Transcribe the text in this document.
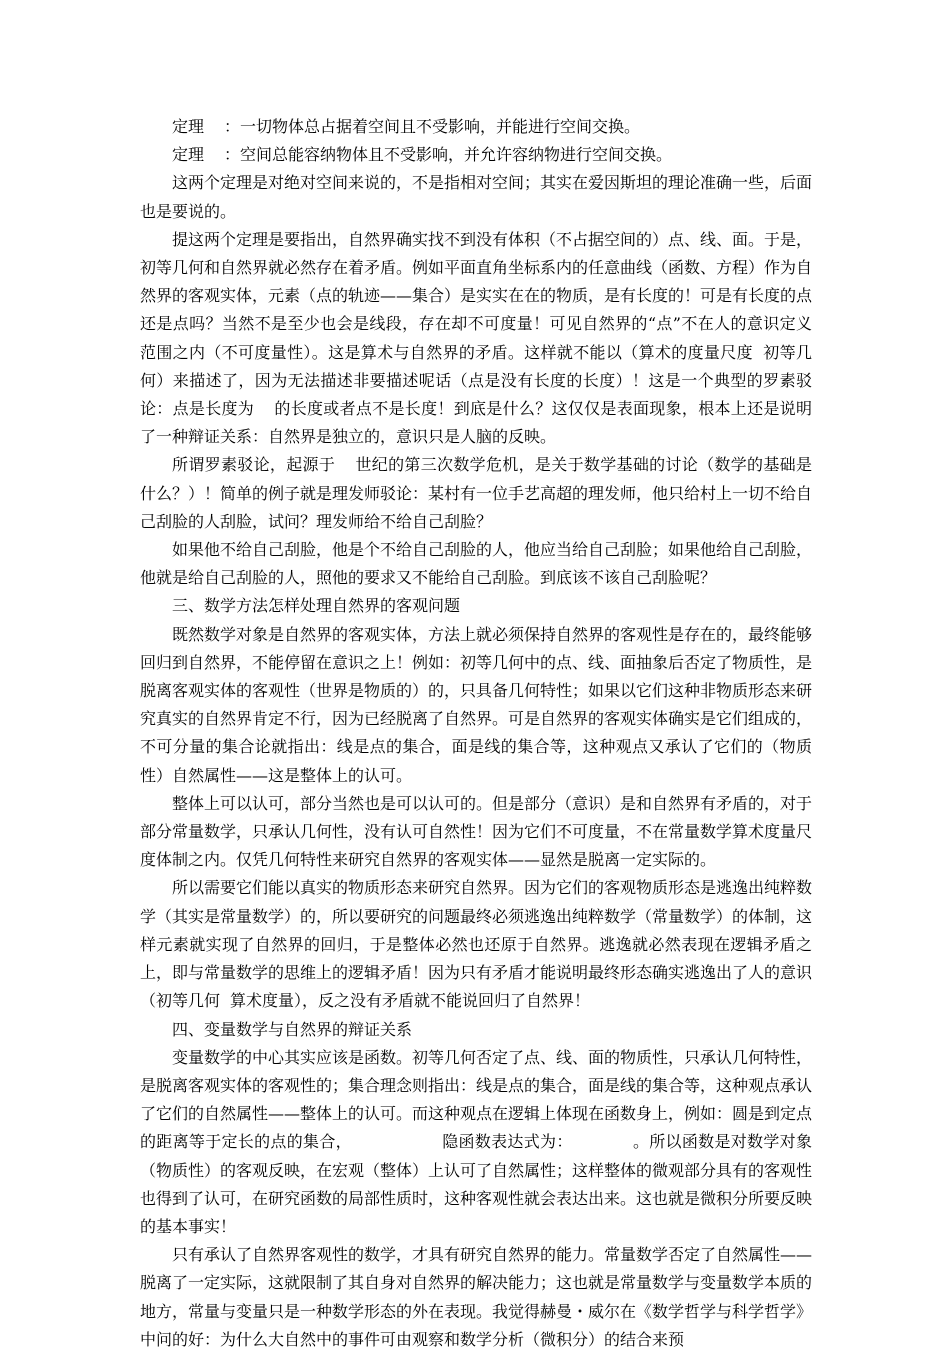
定理 ：一切物体总占据着空间且不受影响，并能进行空间交换。

定理 ：空间总能容纳物体且不受影响，并允许容纳物进行空间交换。

这两个定理是对绝对空间来说的，不是指相对空间；其实在爱因斯坦的理论准确一些，后面也是要说的。

提这两个定理是要指出，自然界确实找不到没有体积（不占据空间的）点、线、面。于是，初等几何和自然界就必然存在着矛盾。例如平面直角坐标系内的任意曲线（函数、方程）作为自然界的客观实体，元素（点的轨迹——集合）是实实在在的物质，是有长度的！可是有长度的点还是点吗？当然不是至少也会是线段，存在却不可度量！可见自然界的“点”不在人的意识定义范围之内（不可度量性）。这是算术与自然界的矛盾。这样就不能以（算术的度量尺度 初等几何）来描述了，因为无法描述非要描述呢话（点是没有长度的长度）！这是一个典型的罗素驳论：点是长度为 的长度或者点不是长度！到底是什么？这仅仅是表面现象，根本上还是说明了一种辩证关系：自然界是独立的，意识只是人脑的反映。

所谓罗素驳论，起源于 世纪的第三次数学危机，是关于数学基础的讨论（数学的基础是什么？）！简单的例子就是理发师驳论：某村有一位手艺高超的理发师，他只给村上一切不给自己刮脸的人刮脸，试问？理发师给不给自己刮脸？

如果他不给自己刮脸，他是个不给自己刮脸的人，他应当给自己刮脸；如果他给自己刮脸，他就是给自己刮脸的人，照他的要求又不能给自己刮脸。到底该不该自己刮脸呢？

三、数学方法怎样处理自然界的客观问题

既然数学对象是自然界的客观实体，方法上就必须保持自然界的客观性是存在的，最终能够回归到自然界，不能停留在意识之上！例如：初等几何中的点、线、面抽象后否定了物质性，是脱离客观实体的客观性（世界是物质的）的，只具备几何特性；如果以它们这种非物质形态来研究真实的自然界肯定不行，因为已经脱离了自然界。可是自然界的客观实体确实是它们组成的，不可分量的集合论就指出：线是点的集合，面是线的集合等，这种观点又承认了它们的（物质性）自然属性——这是整体上的认可。

整体上可以认可，部分当然也是可以认可的。但是部分（意识）是和自然界有矛盾的，对于部分常量数学，只承认几何性，没有认可自然性！因为它们不可度量，不在常量数学算术度量尺度体制之内。仅凭几何特性来研究自然界的客观实体——显然是脱离一定实际的。

所以需要它们能以真实的物质形态来研究自然界。因为它们的客观物质形态是逃逸出纯粹数学（其实是常量数学）的，所以要研究的问题最终必须逃逸出纯粹数学（常量数学）的体制，这样元素就实现了自然界的回归，于是整体必然也还原于自然界。逃逸就必然表现在逻辑矛盾之上，即与常量数学的思维上的逻辑矛盾！因为只有矛盾才能说明最终形态确实逃逸出了人的意识（初等几何 算术度量），反之没有矛盾就不能说回归了自然界！

四、变量数学与自然界的辩证关系

变量数学的中心其实应该是函数。初等几何否定了点、线、面的物质性，只承认几何特性，是脱离客观实体的客观性的；集合理念则指出：线是点的集合，面是线的集合等，这种观点承认了它们的自然属性——整体上的认可。而这种观点在逻辑上体现在函数身上，例如：圆是到定点的距离等于定长的点的集合，	隐函数表达式为：	。所以函数是对数学对象（物质性）的客观反映，在宏观（整体）上认可了自然属性；这样整体的微观部分具有的客观性也得到了认可，在研究函数的局部性质时，这种客观性就会表达出来。这也就是微积分所要反映的基本事实！

只有承认了自然界客观性的数学，才具有研究自然界的能力。常量数学否定了自然属性——脱离了一定实际，这就限制了其自身对自然界的解决能力；这也就是常量数学与变量数学本质的地方，常量与变量只是一种数学形态的外在表现。我觉得赫曼・威尔在《数学哲学与科学哲学》中问的好：为什么大自然中的事件可由观察和数学分析（微积分）的结合来预
